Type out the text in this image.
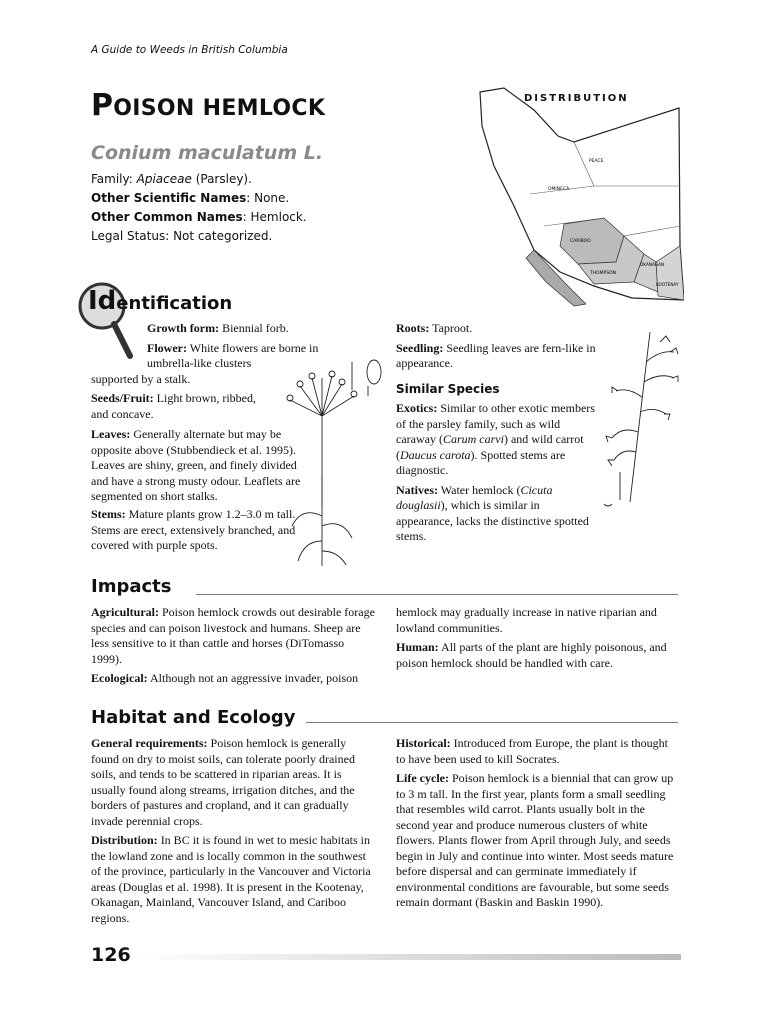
A Guide to Weeds in British Columbia
POISON HEMLOCK
Conium maculatum L.
Family: Apiaceae (Parsley).
Other Scientific Names: None.
Other Common Names: Hemlock.
Legal Status: Not categorized.
DISTRIBUTION
PEACE
OMINECA
CARIBOO
THOMPSON
OKANAGAN
KOOTENAY
Identification

Growth form: Biennial forb.

Flower: White flowers are borne in umbrella-like clusters

supported by a stalk.
Seeds/Fruit: Light brown, ribbed, and concave.
Leaves: Generally alternate but may be opposite above (Stubbendieck et al. 1995). Leaves are shiny, green, and finely divided and have a strong musty odour. Leaflets are segmented on short stalks.
Stems: Mature plants grow 1.2–3.0 m tall. Stems are erect, extensively branched, and covered with purple spots.

Roots: Taproot.

Seedling: Seedling leaves are fern-like in appearance.

Similar Species

Exotics: Similar to other exotic members of the parsley family, such as wild caraway (Carum carvi) and wild carrot (Daucus carota). Spotted stems are diagnostic.

Natives: Water hemlock (Cicuta douglasii), which is similar in appearance, lacks the distinctive spotted stems.

Impacts

Agricultural: Poison hemlock crowds out desirable forage species and can poison livestock and humans. Sheep are less sensitive to it than cattle and horses (DiTomasso 1999).

Ecological: Although not an aggressive invader, poison

hemlock may gradually increase in native riparian and lowland communities.

Human: All parts of the plant are highly poisonous, and poison hemlock should be handled with care.

Habitat and Ecology

General requirements: Poison hemlock is generally found on dry to moist soils, can tolerate poorly drained soils, and tends to be scattered in riparian areas. It is usually found along streams, irrigation ditches, and the borders of pastures and cropland, and it can gradually invade perennial crops.

Distribution: In BC it is found in wet to mesic habitats in the lowland zone and is locally common in the southwest of the province, particularly in the Vancouver and Victoria areas (Douglas et al. 1998). It is present in the Kootenay, Okanagan, Mainland, Vancouver Island, and Cariboo regions.

Historical: Introduced from Europe, the plant is thought to have been used to kill Socrates.

Life cycle: Poison hemlock is a biennial that can grow up to 3 m tall. In the first year, plants form a small seedling that resembles wild carrot. Plants usually bolt in the second year and produce numerous clusters of white flowers. Plants flower from April through July, and seeds begin in July and continue into winter. Most seeds mature before dispersal and can germinate immediately if environmental conditions are favourable, but some seeds remain dormant (Baskin and Baskin 1990).

126
